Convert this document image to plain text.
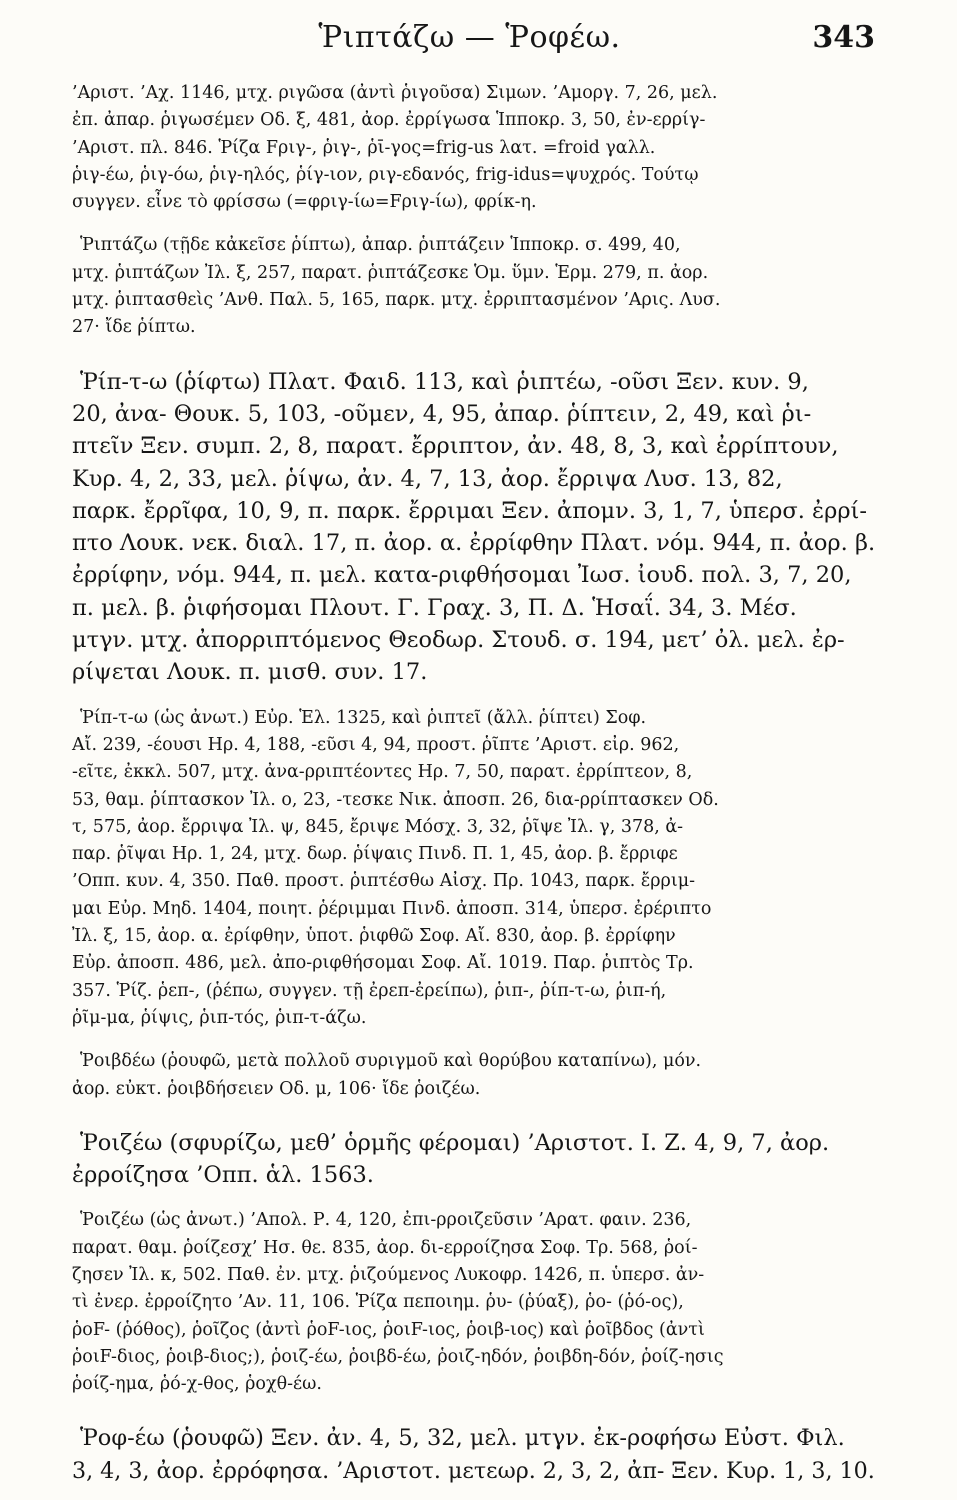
Ῥιπτάζω — Ῥοφέω.	343

’Αριστ. ’Αχ. 1146, μτχ. ριγῶσα (ἀντὶ ῥιγοῦσα) Σιμων. ’Αμοργ. 7, 26, μελ.

ἐπ. ἀπαρ. ῥιγωσέμεν Οδ. ξ, 481, ἀορ. ἐρρίγωσα Ἱπποκρ. 3, 50, ἐν-ερρίγ-

’Αριστ. πλ. 846. Ῥίζα Fριγ-, ῥιγ-, ῥῑ-γος=frig-us λατ. =froid γαλλ.

ῥιγ-έω, ῥιγ-όω, ῥιγ-ηλός, ῥίγ-ιον, ριγ-εδανός, frig-idus=ψυχρός. Τούτῳ

συγγεν. εἶνε τὸ φρίσσω (=φριγ-ίω=Fριγ-ίω), φρίκ-η.

Ῥιπτάζω (τῇδε κἀκεῖσε ῥίπτω), ἀπαρ. ῥιπτάζειν Ἱπποκρ. σ. 499, 40,

μτχ. ῥιπτάζων Ἰλ. ξ, 257, παρατ. ῥιπτάζεσκε Ὁμ. ὕμν. Ἑρμ. 279, π. ἀορ.

μτχ. ῥιπτασθεὶς ’Ανθ. Παλ. 5, 165, παρκ. μτχ. ἐρριπτασμένον ’Αρις. Λυσ.

27· ἴδε ῥίπτω.

Ῥίπ-τ-ω (ῥίφτω) Πλατ. Φαιδ. 113, καὶ ῥιπτέω, -οῦσι Ξεν. κυν. 9,

20, ἀνα- Θουκ. 5, 103, -οῦμεν, 4, 95, ἀπαρ. ῥίπτειν, 2, 49, καὶ ῥι-

πτεῖν Ξεν. συμπ. 2, 8, παρατ. ἔρριπτον, ἀν. 48, 8, 3, καὶ ἐρρίπτουν,

Κυρ. 4, 2, 33, μελ. ῥίψω, ἀν. 4, 7, 13, ἀορ. ἔρριψα Λυσ. 13, 82,

παρκ. ἔρρῖφα, 10, 9, π. παρκ. ἔρριμαι Ξεν. ἀπομν. 3, 1, 7, ὑπερσ. ἐρρί-

πτο Λουκ. νεκ. διαλ. 17, π. ἀορ. α. ἐρρίφθην Πλατ. νόμ. 944, π. ἀορ. β.

ἐρρίφην, νόμ. 944, π. μελ. κατα-ριφθήσομαι Ἰωσ. ἰουδ. πολ. 3, 7, 20,

π. μελ. β. ῥιφήσομαι Πλουτ. Γ. Γραχ. 3, Π. Δ. Ἡσαΐ. 34, 3. Μέσ.

μτγν. μτχ. ἀπορριπτόμενος Θεοδωρ. Στουδ. σ. 194, μετ’ ὀλ. μελ. ἐρ-

ρίψεται Λουκ. π. μισθ. συν. 17.

Ῥίπ-τ-ω (ὡς ἀνωτ.) Εὐρ. Ἑλ. 1325, καὶ ῥιπτεῖ (ἄλλ. ῥίπτει) Σοφ.

Αἴ. 239, -έουσι Ηρ. 4, 188, -εῦσι 4, 94, προστ. ῥῖπτε ’Αριστ. εἰρ. 962,

-εῖτε, ἐκκλ. 507, μτχ. ἀνα-ρριπτέοντες Ηρ. 7, 50, παρατ. ἐρρίπτεον, 8,

53, θαμ. ῥίπτασκον Ἰλ. ο, 23, -τεσκε Νικ. ἀποσπ. 26, δια-ρρίπτασκεν Οδ.

τ, 575, ἀορ. ἔρριψα Ἰλ. ψ, 845, ἔριψε Μόσχ. 3, 32, ῥῖψε Ἰλ. γ, 378, ἀ-

παρ. ῥῖψαι Ηρ. 1, 24, μτχ. δωρ. ῥίψαις Πινδ. Π. 1, 45, ἀορ. β. ἔρριφε

’Οππ. κυν. 4, 350. Παθ. προστ. ῥιπτέσθω Αἰσχ. Πρ. 1043, παρκ. ἔρριμ-

μαι Εὐρ. Μηδ. 1404, ποιητ. ῥέριμμαι Πινδ. ἀποσπ. 314, ὑπερσ. ἐρέριπτο

Ἰλ. ξ, 15, ἀορ. α. ἐρίφθην, ὑποτ. ῥιφθῶ Σοφ. Αἴ. 830, ἀορ. β. ἐρρίφην

Εὐρ. ἀποσπ. 486, μελ. ἀπο-ριφθήσομαι Σοφ. Αἴ. 1019. Παρ. ῥιπτὸς Τρ.

357. Ῥίζ. ῥεπ-, (ῥέπω, συγγεν. τῇ ἐρεπ-ἐρείπω), ῥιπ-, ῥίπ-τ-ω, ῥιπ-ή,

ῥῖμ-μα, ῥίψις, ῥιπ-τός, ῥιπ-τ-άζω.

Ῥοιβδέω (ῥουφῶ, μετὰ πολλοῦ συριγμοῦ καὶ θορύβου καταπίνω), μόν.

ἀορ. εὐκτ. ῥοιβδήσειεν Οδ. μ, 106· ἴδε ῥοιζέω.

Ῥοιζέω (σφυρίζω, μεθ’ ὁρμῆς φέρομαι) ’Αριστοτ. Ι. Ζ. 4, 9, 7, ἀορ.

ἐρροίζησα ’Οππ. ἁλ. 1563.

Ῥοιζέω (ὡς ἀνωτ.) ’Απολ. Ρ. 4, 120, ἐπι-ρροιζεῦσιν ’Αρατ. φαιν. 236,

παρατ. θαμ. ῥοίζεσχ’ Ησ. θε. 835, ἀορ. δι-ερροίζησα Σοφ. Τρ. 568, ῥοί-

ζησεν Ἰλ. κ, 502. Παθ. ἐν. μτχ. ῥιζούμενος Λυκοφρ. 1426, π. ὑπερσ. ἀν-

τὶ ἐνερ. ἐρροίζητο ’Αν. 11, 106. Ῥίζα πεποιημ. ῥυ- (ῥύαξ), ῥο- (ῥό-ος),

ῥοF- (ῥόθος), ῥοῖζος (ἀντὶ ῥοF-ιος, ῥοιF-ιος, ῥοιβ-ιος) καὶ ῥοῖβδος (ἀντὶ

ῥοιF-διος, ῥοιβ-διος;), ῥοιζ-έω, ῥοιβδ-έω, ῥοιζ-ηδόν, ῥοιβδη-δόν, ῥοίζ-ησις

ῥοίζ-ημα, ῥό-χ-θος, ῥοχθ-έω.

Ῥοφ-έω (ῥουφῶ) Ξεν. ἀν. 4, 5, 32, μελ. μτγν. ἐκ-ροφήσω Εὐστ. Φιλ.

3, 4, 3, ἀορ. ἐρρόφησα. ’Αριστοτ. μετεωρ. 2, 3, 2, ἀπ- Ξεν. Κυρ. 1, 3, 10.
